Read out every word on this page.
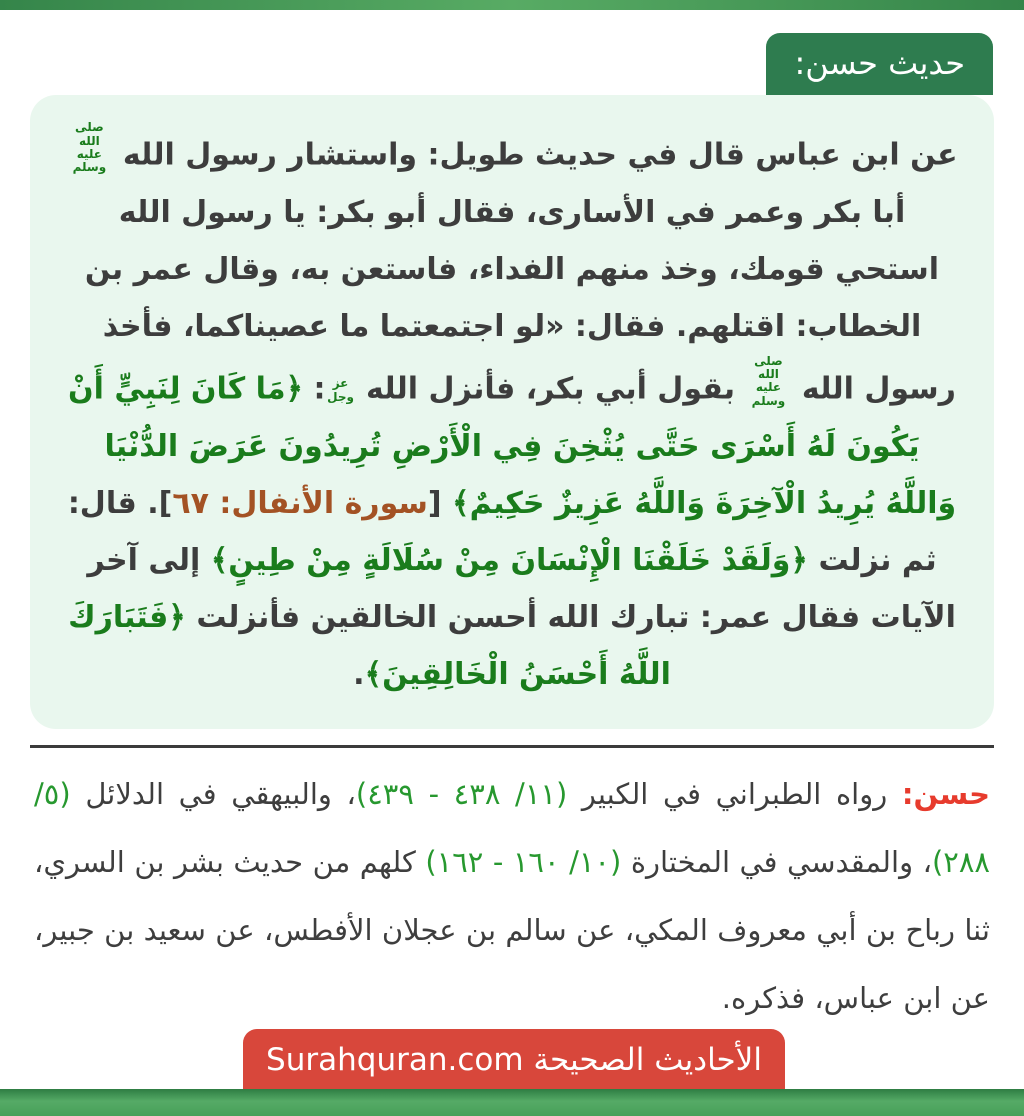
حديث حسن:

عن ابن عباس قال في حديث طويل: واستشار رسول الله صلى الله عليه وسلم أبا بكر وعمر في الأسارى، فقال أبو بكر: يا رسول الله استحي قومك، وخذ منهم الفداء، فاستعن به، وقال عمر بن الخطاب: اقتلهم. فقال: «لو اجتمعتما ما عصيناكما، فأخذ رسول الله صلى الله عليه وسلم بقول أبي بكر، فأنزل الله عز وجل: ﴿مَا كَانَ لِنَبِيٍّ أَنْ يَكُونَ لَهُ أَسْرَى حَتَّى يُثْخِنَ فِي الْأَرْضِ تُرِيدُونَ عَرَضَ الدُّنْيَا وَاللَّهُ يُرِيدُ الْآخِرَةَ وَاللَّهُ عَزِيزٌ حَكِيمٌ﴾ [سورة الأنفال: ٦٧]. قال: ثم نزلت ﴿وَلَقَدْ خَلَقْنَا الْإِنْسَانَ مِنْ سُلَالَةٍ مِنْ طِينٍ﴾ إلى آخر الآيات فقال عمر: تبارك الله أحسن الخالقين فأنزلت ﴿فَتَبَارَكَ اللَّهُ أَحْسَنُ الْخَالِقِينَ﴾.

حسن: رواه الطبراني في الكبير (١١/ ٤٣٨ - ٤٣٩)، والبيهقي في الدلائل (٥/ ٢٨٨)، والمقدسي في المختارة (١٠/ ١٦٠ - ١٦٢) كلهم من حديث بشر بن السري، ثنا رباح بن أبي معروف المكي، عن سالم بن عجلان الأفطس، عن سعيد بن جبير، عن ابن عباس، فذكره.

الأحاديث الصحيحة Surahquran.com
